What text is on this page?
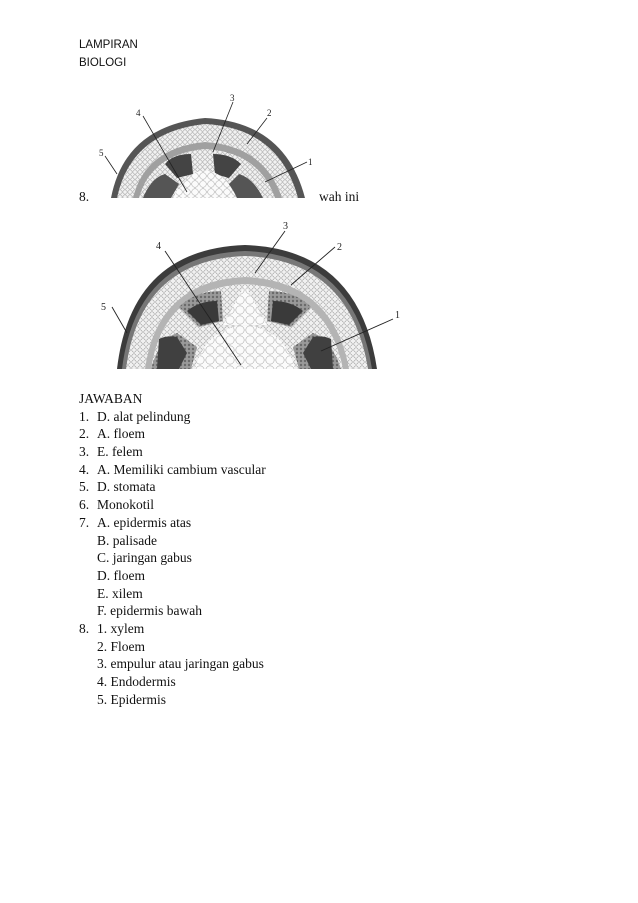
LAMPIRAN
BIOLOGI
4
3
2
1
5
8.	wah ini
4
3
2
1
5
JAWABAN
1. D. alat pelindung
2. A. floem
3. E. felem
4. A. Memiliki cambium vascular
5. D. stomata
6. Monokotil
7. A. epidermis atas
B. palisade
C. jaringan gabus
D. floem
E. xilem
F. epidermis bawah
8. 1. xylem
2. Floem
3. empulur atau jaringan gabus
4. Endodermis
5. Epidermis
